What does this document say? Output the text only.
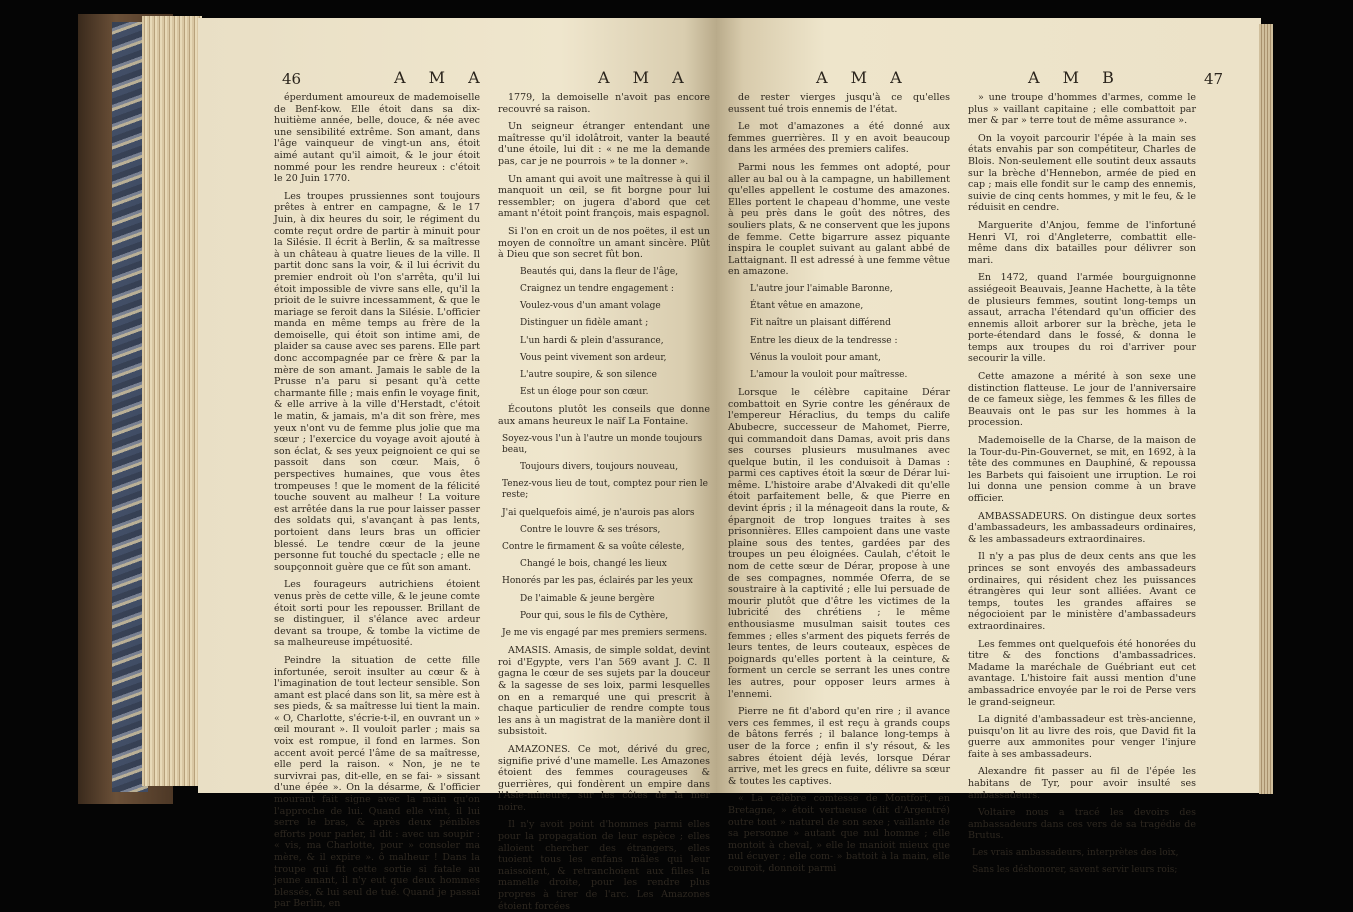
46	A M A	A M A

éperdument amoureux de mademoiselle de Benf-kow. Elle étoit dans sa dix-huitième année, belle, douce, & née avec une sensibilité extrême. Son amant, dans l'âge vainqueur de vingt-un ans, étoit aimé autant qu'il aimoit, & le jour étoit nommé pour les rendre heureux : c'étoit le 20 Juin 1770.

Les troupes prussiennes sont toujours prêtes à entrer en campagne, & le 17 Juin, à dix heures du soir, le régiment du comte reçut ordre de partir à minuit pour la Silésie. Il écrit à Berlin, & sa maîtresse à un château à quatre lieues de la ville. Il partit donc sans la voir, & il lui écrivit du premier endroit où l'on s'arrêta, qu'il lui étoit impossible de vivre sans elle, qu'il la prioit de le suivre incessamment, & que le mariage se feroit dans la Silésie. L'officier manda en même temps au frère de la demoiselle, qui étoit son intime ami, de plaider sa cause avec ses parens. Elle part donc accompagnée par ce frère & par la mère de son amant. Jamais le sable de la Prusse n'a paru si pesant qu'à cette charmante fille ; mais enfin le voyage finit, & elle arrive à la ville d'Herstadt, c'étoit le matin, & jamais, m'a dit son frère, mes yeux n'ont vu de femme plus jolie que ma sœur ; l'exercice du voyage avoit ajouté à son éclat, & ses yeux peignoient ce qui se passoit dans son cœur. Mais, ô perspectives humaines, que vous êtes trompeuses ! que le moment de la félicité touche souvent au malheur ! La voiture est arrêtée dans la rue pour laisser passer des soldats qui, s'avançant à pas lents, portoient dans leurs bras un officier blessé. Le tendre cœur de la jeune personne fut touché du spectacle ; elle ne soupçonnoit guère que ce fût son amant.

Les fourageurs autrichiens étoient venus près de cette ville, & le jeune comte étoit sorti pour les repousser. Brillant de se distinguer, il s'élance avec ardeur devant sa troupe, & tombe la victime de sa malheureuse impétuosité.

Peindre la situation de cette fille infortunée, seroit insulter au cœur & à l'imagination de tout lecteur sensible. Son amant est placé dans son lit, sa mère est à ses pieds, & sa maîtresse lui tient la main. « O, Charlotte, s'écrie-t-il, en ouvrant un » œil mourant ». Il vouloit parler ; mais sa voix est rompue, il fond en larmes. Son accent avoit percé l'âme de sa maîtresse, elle perd la raison. « Non, je ne te survivrai pas, dit-elle, en se fai- » sissant d'une épée ». On la désarme, & l'officier mourant fait signe avec la main qu'on l'approche de lui. Quand elle vint, il lui serre le bras, & après deux pénibles efforts pour parler, il dit : avec un soupir : « vis, ma Charlotte, pour » consoler ma mère, & il expire ». ô malheur ! Dans la troupe qui fit cette sortie si fatale au jeune amant, il n'y eut que deux hommes blessés, & lui seul de tué. Quand je passai par Berlin, en

1779, la demoiselle n'avoit pas encore recouvré sa raison.

Un seigneur étranger entendant une maîtresse qu'il idolâtroit, vanter la beauté d'une étoile, lui dit : « ne me la demande pas, car je ne pourrois » te la donner ».

Un amant qui avoit une maîtresse à qui il manquoit un œil, se fit borgne pour lui ressembler; on jugera d'abord que cet amant n'étoit point françois, mais espagnol.

Si l'on en croit un de nos poëtes, il est un moyen de connoître un amant sincère. Plût à Dieu que son secret fût bon.

Beautés qui, dans la fleur de l'âge,

Craignez un tendre engagement :

Voulez-vous d'un amant volage

Distinguer un fidèle amant ;

L'un hardi & plein d'assurance,

Vous peint vivement son ardeur,

L'autre soupire, & son silence

Est un éloge pour son cœur.

Écoutons plutôt les conseils que donne aux amans heureux le naïf La Fontaine.

Soyez-vous l'un à l'autre un monde toujours beau,

Toujours divers, toujours nouveau,

Tenez-vous lieu de tout, comptez pour rien le reste;

J'ai quelquefois aimé, je n'aurois pas alors

Contre le louvre & ses trésors,

Contre le firmament & sa voûte céleste,

Changé le bois, changé les lieux

Honorés par les pas, éclairés par les yeux

De l'aimable & jeune bergère

Pour qui, sous le fils de Cythère,

Je me vis engagé par mes premiers sermens.

AMASIS. Amasis, de simple soldat, devint roi d'Egypte, vers l'an 569 avant J. C. Il gagna le cœur de ses sujets par la douceur & la sagesse de ses loix, parmi lesquelles on en a remarqué une qui prescrit à chaque particulier de rendre compte tous les ans à un magistrat de la manière dont il subsistoit.

AMAZONES. Ce mot, dérivé du grec, signifie privé d'une mamelle. Les Amazones étoient des femmes courageuses & guerrières, qui fondèrent un empire dans l'Asie-mineure, sur les côtes de la mer noire.

Il n'y avoit point d'hommes parmi elles pour la propagation de leur espèce ; elles alloient chercher des étrangers, elles tuoient tous les enfans mâles qui leur naissoient, & retranchoient aux filles la mamelle droite, pour les rendre plus propres à tirer de l'arc. Les Amazones étoient forcées

A M A	A M B	47

de rester vierges jusqu'à ce qu'elles eussent tué trois ennemis de l'état.

Le mot d'amazones a été donné aux femmes guerrières. Il y en avoit beaucoup dans les armées des premiers califes.

Parmi nous les femmes ont adopté, pour aller au bal ou à la campagne, un habillement qu'elles appellent le costume des amazones. Elles portent le chapeau d'homme, une veste à peu près dans le goût des nôtres, des souliers plats, & ne conservent que les jupons de femme. Cette bigarrure assez piquante inspira le couplet suivant au galant abbé de Lattaignant. Il est adressé à une femme vêtue en amazone.

L'autre jour l'aimable Baronne,

Étant vêtue en amazone,

Fit naître un plaisant différend

Entre les dieux de la tendresse :

Vénus la vouloit pour amant,

L'amour la vouloit pour maîtresse.

Lorsque le célèbre capitaine Dérar combattoit en Syrie contre les généraux de l'empereur Héraclius, du temps du calife Abubecre, successeur de Mahomet, Pierre, qui commandoit dans Damas, avoit pris dans ses courses plusieurs musulmanes avec quelque butin, il les conduisoit à Damas : parmi ces captives étoit la sœur de Dérar lui-même. L'histoire arabe d'Alvakedi dit qu'elle étoit parfaitement belle, & que Pierre en devint épris ; il la ménageoit dans la route, & épargnoit de trop longues traites à ses prisonnières. Elles campoient dans une vaste plaine sous des tentes, gardées par des troupes un peu éloignées. Caulah, c'étoit le nom de cette sœur de Dérar, propose à une de ses compagnes, nommée Oferra, de se soustraire à la captivité ; elle lui persuade de mourir plutôt que d'être les victimes de la lubricité des chrétiens ; le même enthousiasme musulman saisit toutes ces femmes ; elles s'arment des piquets ferrés de leurs tentes, de leurs couteaux, espèces de poignards qu'elles portent à la ceinture, & forment un cercle se serrant les unes contre les autres, pour opposer leurs armes à l'ennemi.

Pierre ne fit d'abord qu'en rire ; il avance vers ces femmes, il est reçu à grands coups de bâtons ferrés ; il balance long-temps à user de la force ; enfin il s'y résout, & les sabres étoient déjà levés, lorsque Dérar arrive, met les grecs en fuite, délivre sa sœur & toutes les captives.

« La célèbre comtesse de Montfort, en Bretagne, » étoit vertueuse (dit d'Argentré) outre tout » naturel de son sexe ; vaillante de sa personne » autant que nul homme ; elle montoit à cheval, » elle le manioit mieux que nul écuyer ; elle com- » battoit à la main, elle couroit, donnoit parmi

» une troupe d'hommes d'armes, comme le plus » vaillant capitaine ; elle combattoit par mer & par » terre tout de même assurance ».

On la voyoit parcourir l'épée à la main ses états envahis par son compétiteur, Charles de Blois. Non-seulement elle soutint deux assauts sur la brèche d'Hennebon, armée de pied en cap ; mais elle fondit sur le camp des ennemis, suivie de cinq cents hommes, y mit le feu, & le réduisit en cendre.

Marguerite d'Anjou, femme de l'infortuné Henri VI, roi d'Angleterre, combattit elle-même dans dix batailles pour délivrer son mari.

En 1472, quand l'armée bourguignonne assiégeoit Beauvais, Jeanne Hachette, à la tête de plusieurs femmes, soutint long-temps un assaut, arracha l'étendard qu'un officier des ennemis alloit arborer sur la brèche, jeta le porte-étendard dans le fossé, & donna le temps aux troupes du roi d'arriver pour secourir la ville.

Cette amazone a mérité à son sexe une distinction flatteuse. Le jour de l'anniversaire de ce fameux siège, les femmes & les filles de Beauvais ont le pas sur les hommes à la procession.

Mademoiselle de la Charse, de la maison de la Tour-du-Pin-Gouvernet, se mit, en 1692, à la tête des communes en Dauphiné, & repoussa les Barbets qui faisoient une irruption. Le roi lui donna une pension comme à un brave officier.

AMBASSADEURS. On distingue deux sortes d'ambassadeurs, les ambassadeurs ordinaires, & les ambassadeurs extraordinaires.

Il n'y a pas plus de deux cents ans que les princes se sont envoyés des ambassadeurs ordinaires, qui résident chez les puissances étrangères qui leur sont alliées. Avant ce temps, toutes les grandes affaires se négocioient par le ministère d'ambassadeurs extraordinaires.

Les femmes ont quelquefois été honorées du titre & des fonctions d'ambassadrices. Madame la maréchale de Guébriant eut cet avantage. L'histoire fait aussi mention d'une ambassadrice envoyée par le roi de Perse vers le grand-seigneur.

La dignité d'ambassadeur est très-ancienne, puisqu'on lit au livre des rois, que David fit la guerre aux ammonites pour venger l'injure faite à ses ambassadeurs.

Alexandre fit passer au fil de l'épée les habitans de Tyr, pour avoir insulté ses ambassadeurs.

Voltaire nous a tracé les devoirs des ambassadeurs dans ces vers de sa tragédie de Brutus.

Les vrais ambassadeurs, interprètes des loix,

Sans les déshonorer, savent servir leurs rois;
